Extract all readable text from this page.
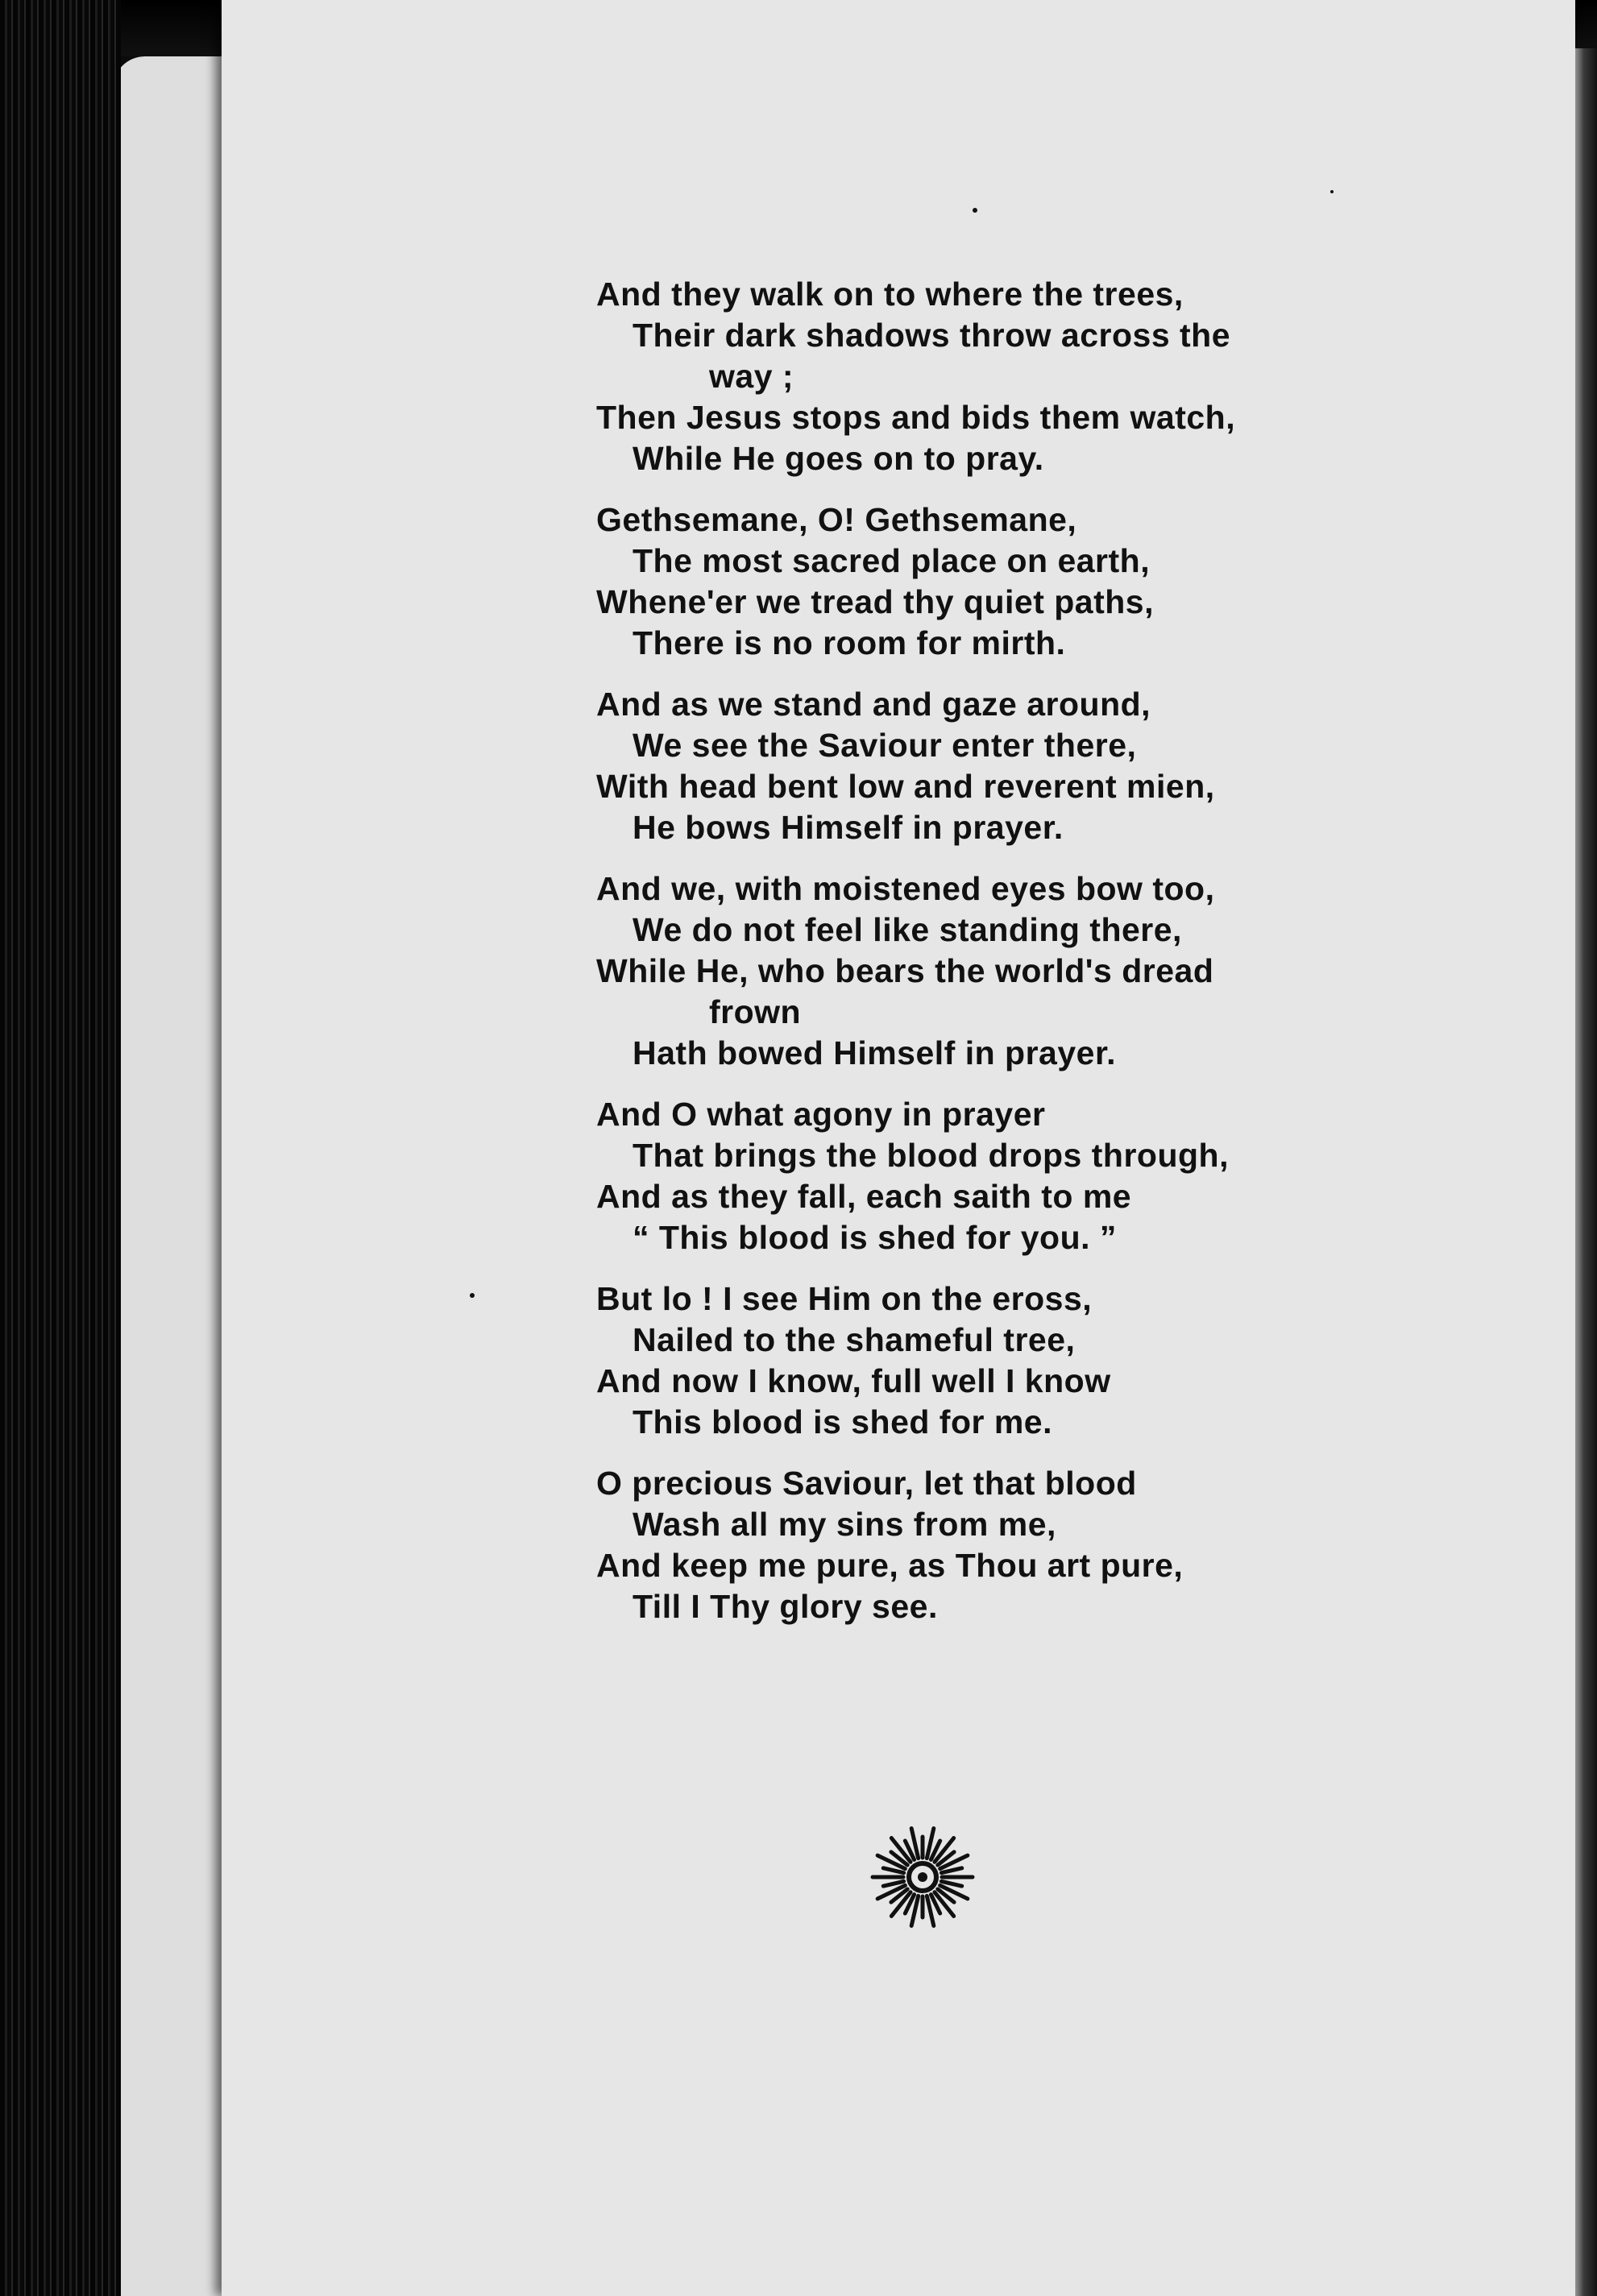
And they walk on to where the trees,
Their dark shadows throw across the
way ;
Then Jesus stops and bids them watch,
While He goes on to pray.
Gethsemane, O! Gethsemane,
The most sacred place on earth,
Whene'er we tread thy quiet paths,
There is no room for mirth.
And as we stand and gaze around,
We see the Saviour enter there,
With head bent low and reverent mien,
He bows Himself in prayer.
And we, with moistened eyes bow too,
We do not feel like standing there,
While He, who bears the world's dread
frown
Hath bowed Himself in prayer.
And O what agony in prayer
That brings the blood drops through,
And as they fall, each saith to me
“ This blood is shed for you. ”
But lo ! I see Him on the eross,
Nailed to the shameful tree,
And now I know, full well I know
This blood is shed for me.
O precious Saviour, let that blood
Wash all my sins from me,
And keep me pure, as Thou art pure,
Till I Thy glory see.
